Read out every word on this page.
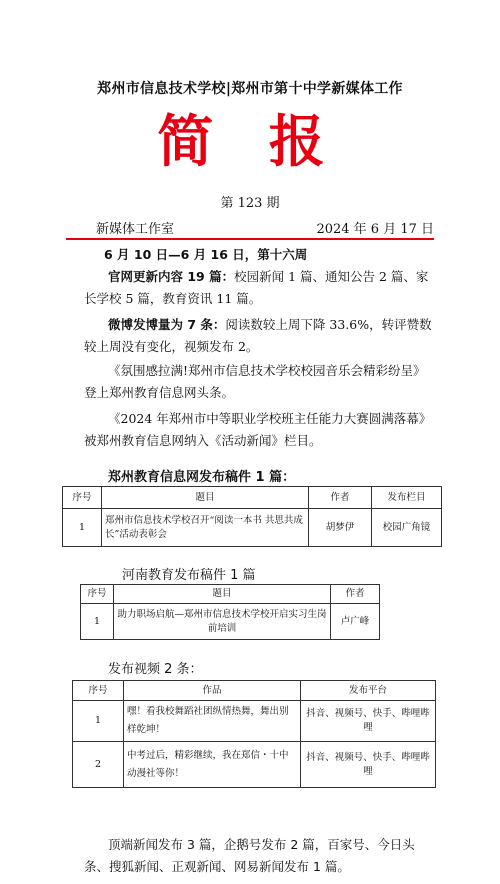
郑州市信息技术学校|郑州市第十中学新媒体工作
简 报
第 123 期
新媒体工作室	2024 年 6 月 17 日
6 月 10 日—6 月 16 日，第十六周
官网更新内容 19 篇：校园新闻 1 篇、通知公告 2 篇、家长学校 5 篇，教育资讯 11 篇。
微博发博量为 7 条：阅读数较上周下降 33.6%，转评赞数较上周没有变化，视频发布 2。
《氛围感拉满!郑州市信息技术学校校园音乐会精彩纷呈》登上郑州教育信息网头条。
《2024 年郑州市中等职业学校班主任能力大赛圆满落幕》被郑州教育信息网纳入《活动新闻》栏目。
郑州教育信息网发布稿件 1 篇：
序号	题目	作者	发布栏目
1	郑州市信息技术学校召开“阅读一本书 共思共成长”活动表彰会	胡梦伊	校园广角镜
河南教育发布稿件 1 篇
序号	题目	作者
1	助力职场启航—郑州市信息技术学校开启实习生岗前培训	卢广峰
发布视频 2 条：
序号	作品	发布平台
1	嘿！看我校舞蹈社团纵情热舞，舞出别样乾坤！	抖音、视频号、快手、哔哩哔哩
2	中考过后，精彩继续，我在郑信・十中动漫社等你！	抖音、视频号、快手、哔哩哔哩
顶端新闻发布 3 篇，企鹅号发布 2 篇，百家号、今日头条、搜狐新闻、正观新闻、网易新闻发布 1 篇。
